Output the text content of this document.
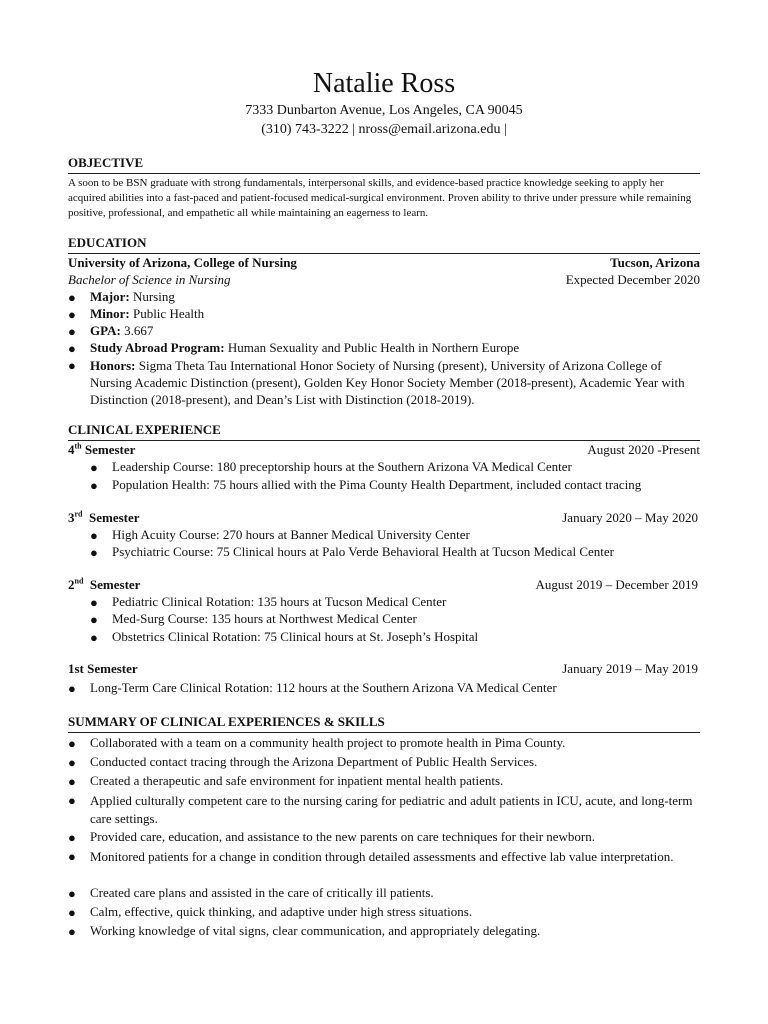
Natalie Ross
7333 Dunbarton Avenue, Los Angeles, CA 90045
(310) 743-3222 | nross@email.arizona.edu |
OBJECTIVE
A soon to be BSN graduate with strong fundamentals, interpersonal skills, and evidence-based practice knowledge seeking to apply her acquired abilities into a fast-paced and patient-focused medical-surgical environment. Proven ability to thrive under pressure while remaining positive, professional, and empathetic all while maintaining an eagerness to learn.
EDUCATION
University of Arizona, College of Nursing	Tucson, Arizona
Bachelor of Science in Nursing	Expected December 2020
● Major: Nursing
● Minor: Public Health
● GPA: 3.667
● Study Abroad Program: Human Sexuality and Public Health in Northern Europe
● Honors: Sigma Theta Tau International Honor Society of Nursing (present), University of Arizona College of Nursing Academic Distinction (present), Golden Key Honor Society Member (2018-present), Academic Year with Distinction (2018-present), and Dean’s List with Distinction (2018-2019).
CLINICAL EXPERIENCE
4th Semester	August 2020 -Present
● Leadership Course: 180 preceptorship hours at the Southern Arizona VA Medical Center
● Population Health: 75 hours allied with the Pima County Health Department, included contact tracing
3rd  Semester	January 2020 – May 2020
● High Acuity Course: 270 hours at Banner Medical University Center
● Psychiatric Course: 75 Clinical hours at Palo Verde Behavioral Health at Tucson Medical Center
2nd  Semester	August 2019 – December 2019
● Pediatric Clinical Rotation: 135 hours at Tucson Medical Center
● Med-Surg Course: 135 hours at Northwest Medical Center
● Obstetrics Clinical Rotation: 75 Clinical hours at St. Joseph’s Hospital
1st Semester	January 2019 – May 2019
● Long-Term Care Clinical Rotation: 112 hours at the Southern Arizona VA Medical Center
SUMMARY OF CLINICAL EXPERIENCES & SKILLS
● Collaborated with a team on a community health project to promote health in Pima County.
● Conducted contact tracing through the Arizona Department of Public Health Services.
● Created a therapeutic and safe environment for inpatient mental health patients.
● Applied culturally competent care to the nursing caring for pediatric and adult patients in ICU, acute, and long-term care settings.
● Provided care, education, and assistance to the new parents on care techniques for their newborn.
● Monitored patients for a change in condition through detailed assessments and effective lab value interpretation.
● Created care plans and assisted in the care of critically ill patients.
● Calm, effective, quick thinking, and adaptive under high stress situations.
● Working knowledge of vital signs, clear communication, and appropriately delegating.
